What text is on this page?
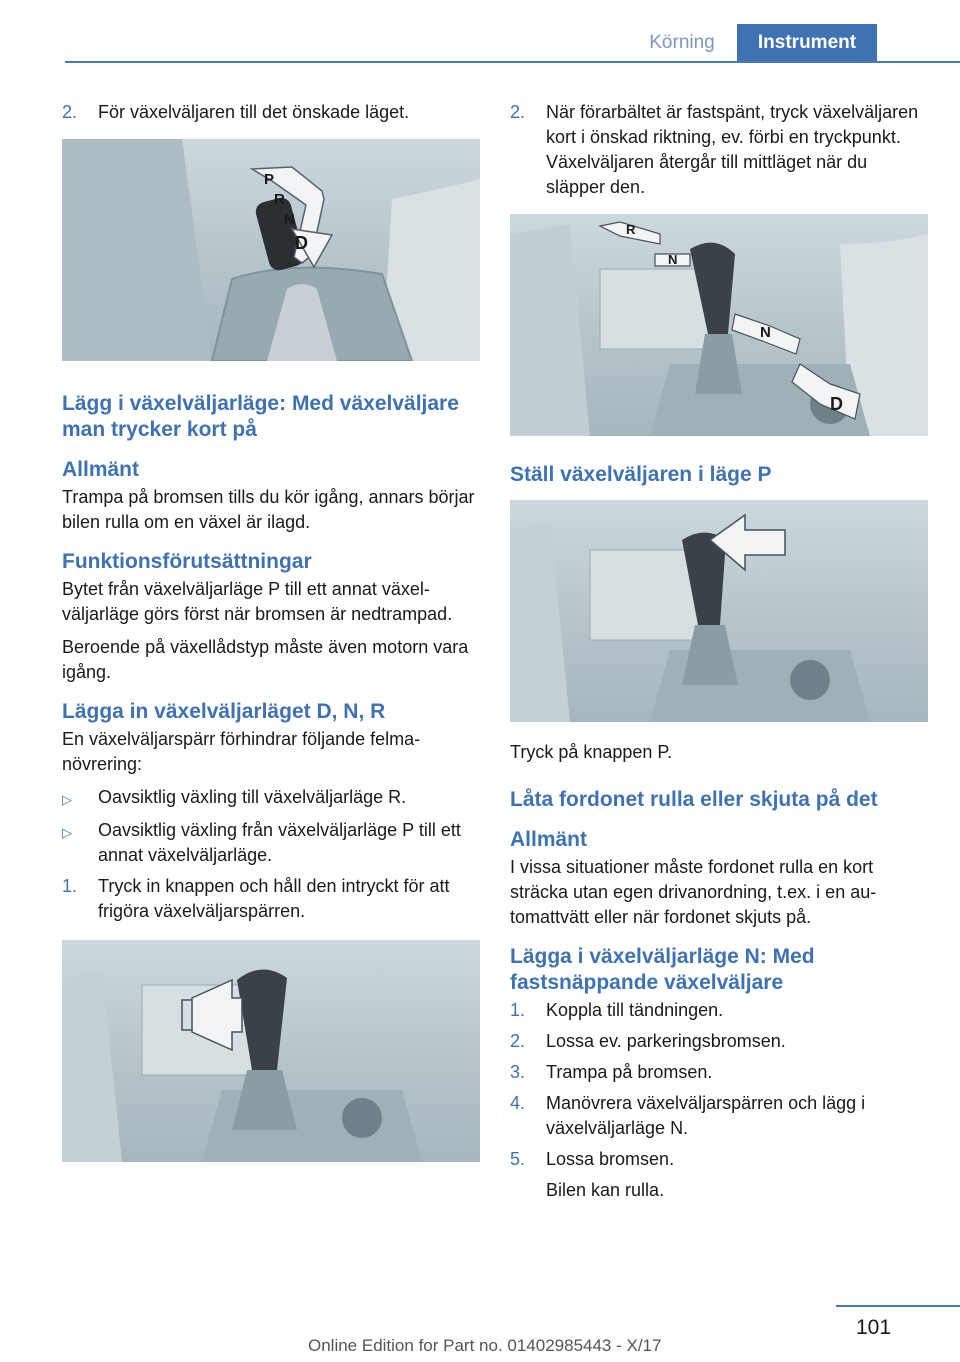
Körning	Instrument
2.	För växelväljaren till det önskade läget.
P
R
N
D
Lägg i växelväljarläge: Med växelväljare man trycker kort på
Allmänt

Trampa på bromsen tills du kör igång, annars börjar bilen rulla om en växel är ilagd.

Funktionsförutsättningar

Bytet från växelväljarläge P till ett annat växelväljarläge görs först när bromsen är nedtrampad.

Beroende på växellådstyp måste även motorn vara igång.

Lägga in växelväljarläget D, N, R

En växelväljarspärr förhindrar följande felmanövrering:

▷	Oavsiktlig växling till växelväljarläge R.
▷	Oavsiktlig växling från växelväljarläge P till ett annat växelväljarläge.
1.	Tryck in knappen och håll den intryckt för att frigöra växelväljarspärren.
2.	När förarbältet är fastspänt, tryck växelväljaren kort i önskad riktning, ev. förbi en tryckpunkt. Växelväljaren återgår till mittläget när du släpper den.
R
N
N
D
Ställ växelväljaren i läge P

Tryck på knappen P.

Låta fordonet rulla eller skjuta på det
Allmänt

I vissa situationer måste fordonet rulla en kort sträcka utan egen drivanordning, t.ex. i en automattvätt eller när fordonet skjuts på.

Lägga i växelväljarläge N: Med fastsnäppande växelväljare
1.	Koppla till tändningen.
2.	Lossa ev. parkeringsbromsen.
3.	Trampa på bromsen.
4.	Manövrera växelväljarspärren och lägg i växelväljarläge N.
5.	Lossa bromsen.
Bilen kan rulla.
101
Online Edition for Part no. 01402985443 - X/17
